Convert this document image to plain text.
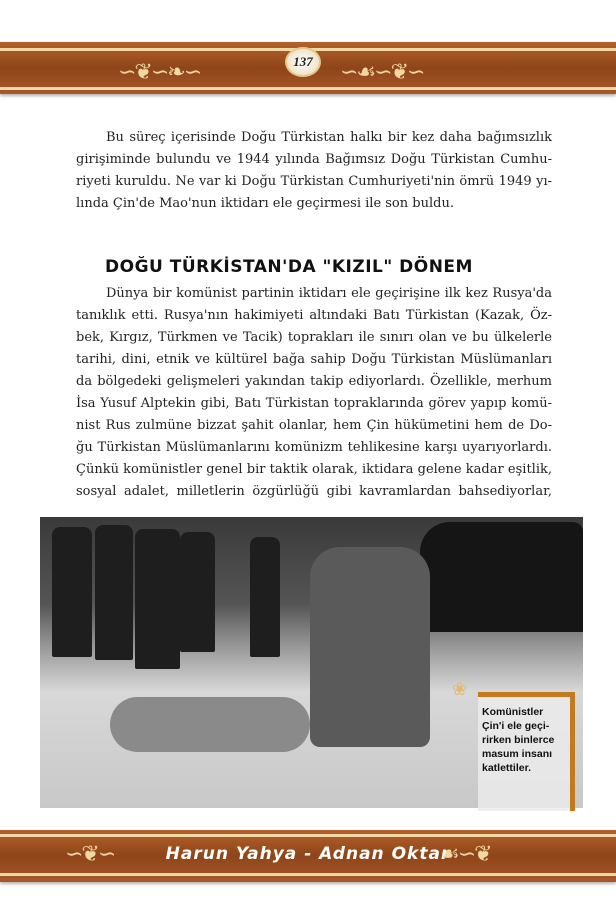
∽❦∽❧∽	137	∽☙∽❦∽
Bu süreç içerisinde Doğu Türkistan halkı bir kez daha bağımsızlık
girişiminde bulundu ve 1944 yılında Bağımsız Doğu Türkistan Cumhu-
riyeti kuruldu. Ne var ki Doğu Türkistan Cumhuriyeti'nin ömrü 1949 yı-
lında Çin'de Mao'nun iktidarı ele geçirmesi ile son buldu.
DOĞU TÜRKİSTAN'DA "KIZIL" DÖNEM
Dünya bir komünist partinin iktidarı ele geçirişine ilk kez Rusya'da
tanıklık etti. Rusya'nın hakimiyeti altındaki Batı Türkistan (Kazak, Öz-
bek, Kırgız, Türkmen ve Tacik) toprakları ile sınırı olan ve bu ülkelerle
tarihi, dini, etnik ve kültürel bağa sahip Doğu Türkistan Müslümanları
da bölgedeki gelişmeleri yakından takip ediyorlardı. Özellikle, merhum
İsa Yusuf Alptekin gibi, Batı Türkistan topraklarında görev yapıp komü-
nist Rus zulmüne bizzat şahit olanlar, hem Çin hükümetini hem de Do-
ğu Türkistan Müslümanlarını komünizm tehlikesine karşı uyarıyorlardı.
Çünkü komünistler genel bir taktik olarak, iktidara gelene kadar eşitlik,
sosyal adalet, milletlerin özgürlüğü gibi kavramlardan bahsediyorlar,
❀
Komünistler
Çin'i ele geçi-
rirken binlerce
masum insanı
katlettiler.
∽❦∽	Harun Yahya - Adnan Oktar
☙∽❦
